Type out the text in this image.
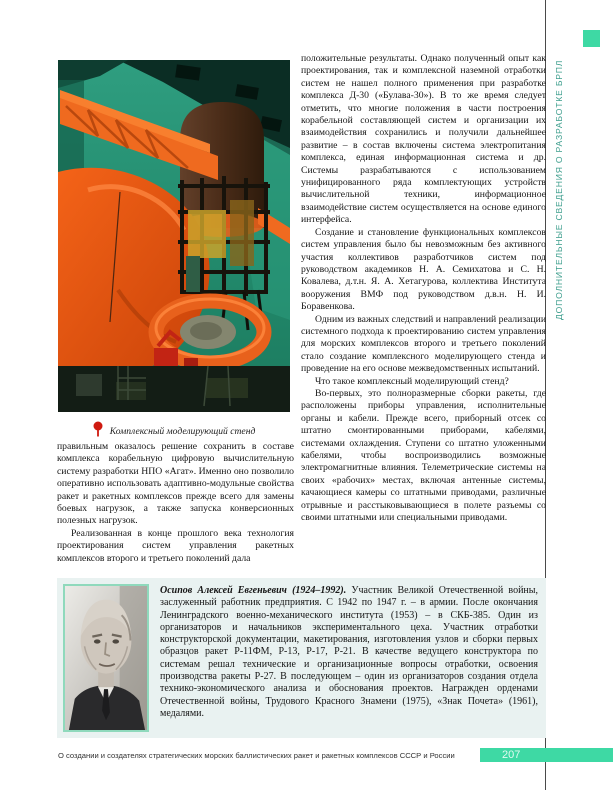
ДОПОЛНИТЕЛЬНЫЕ СВЕДЕНИЯ О РАЗРАБОТКЕ БРПЛ
Комплексный моделирующий стенд

правильным оказалось решение сохранить в составе комплекса корабельную цифровую вычислительную систему разработки НПО «Агат». Именно оно позволило оперативно использовать адаптивно-модульные свойства ракет и ракетных комплексов прежде всего для замены боевых нагрузок, а также запуска конверсионных полезных нагрузок.

Реализованная в конце прошлого века технология проектирования систем управления ракетных комплексов второго и третьего поколений дала

положительные результаты. Однако полученный опыт как проектирования, так и комплексной наземной отработки систем не нашел полного применения при разработке комплекса Д-30 («Булава-30»). В то же время следует отметить, что многие положения в части построения корабельной составляющей систем и организации их взаимодействия сохранились и получили дальнейшее развитие – в состав включены система электропитания комплекса, единая информационная система и др. Системы разрабатываются с использованием унифицированного ряда комплектующих устройств вычислительной техники, информационное взаимодействие систем осуществляется на основе единого интерфейса.

Создание и становление функциональных комплексов систем управления было бы невозможным без активного участия коллективов разработчиков систем под руководством академиков Н. А. Семихатова и С. Н. Ковалева, д.т.н. Я. А. Хетагурова, коллектива Института вооружения ВМФ под руководством д.в.н. Н. И. Боравенкова.

Одним из важных следствий и направлений реализации системного подхода к проектированию систем управления для морских комплексов второго и третьего поколений стало создание комплексного моделирующего стенда и проведение на его основе межведомственных испытаний.

Что такое комплексный моделирующий стенд?

Во-первых, это полноразмерные сборки ракеты, где расположены приборы управления, исполнительные органы и кабели. Прежде всего, приборный отсек со штатно смонтированными приборами, кабелями, системами охлаждения. Ступени со штатно уложенными кабелями, чтобы воспроизводились возможные электромагнитные влияния. Телеметрические системы на своих «рабочих» местах, включая антенные системы, качающиеся камеры со штатными приводами, различные отрывные и расстыковывающиеся в полете разъемы со своими штатными или специальными приводами.

Осипов Алексей Евгеньевич (1924–1992). Участник Великой Отечественной войны, заслуженный работник предприятия. С 1942 по 1947 г. – в армии. После окончания Ленинградского военно-механического института (1953) – в СКБ-385. Один из организаторов и начальников экспериментального цеха. Участник отработки конструкторской документации, макетирования, изготовления узлов и сборки первых образцов ракет Р-11ФМ, Р-13, Р-17, Р-21. В качестве ведущего конструктора по системам решал технические и организационные вопросы отработки, освоения производства ракеты Р-27. В последующем – один из организаторов создания отдела технико-экономического анализа и обоснования проектов. Награжден орденами Отечественной войны, Трудового Красного Знамени (1975), «Знак Почета» (1961), медалями.

О создании и создателях стратегических морских баллистических ракет и ракетных комплексов СССР и России	207
